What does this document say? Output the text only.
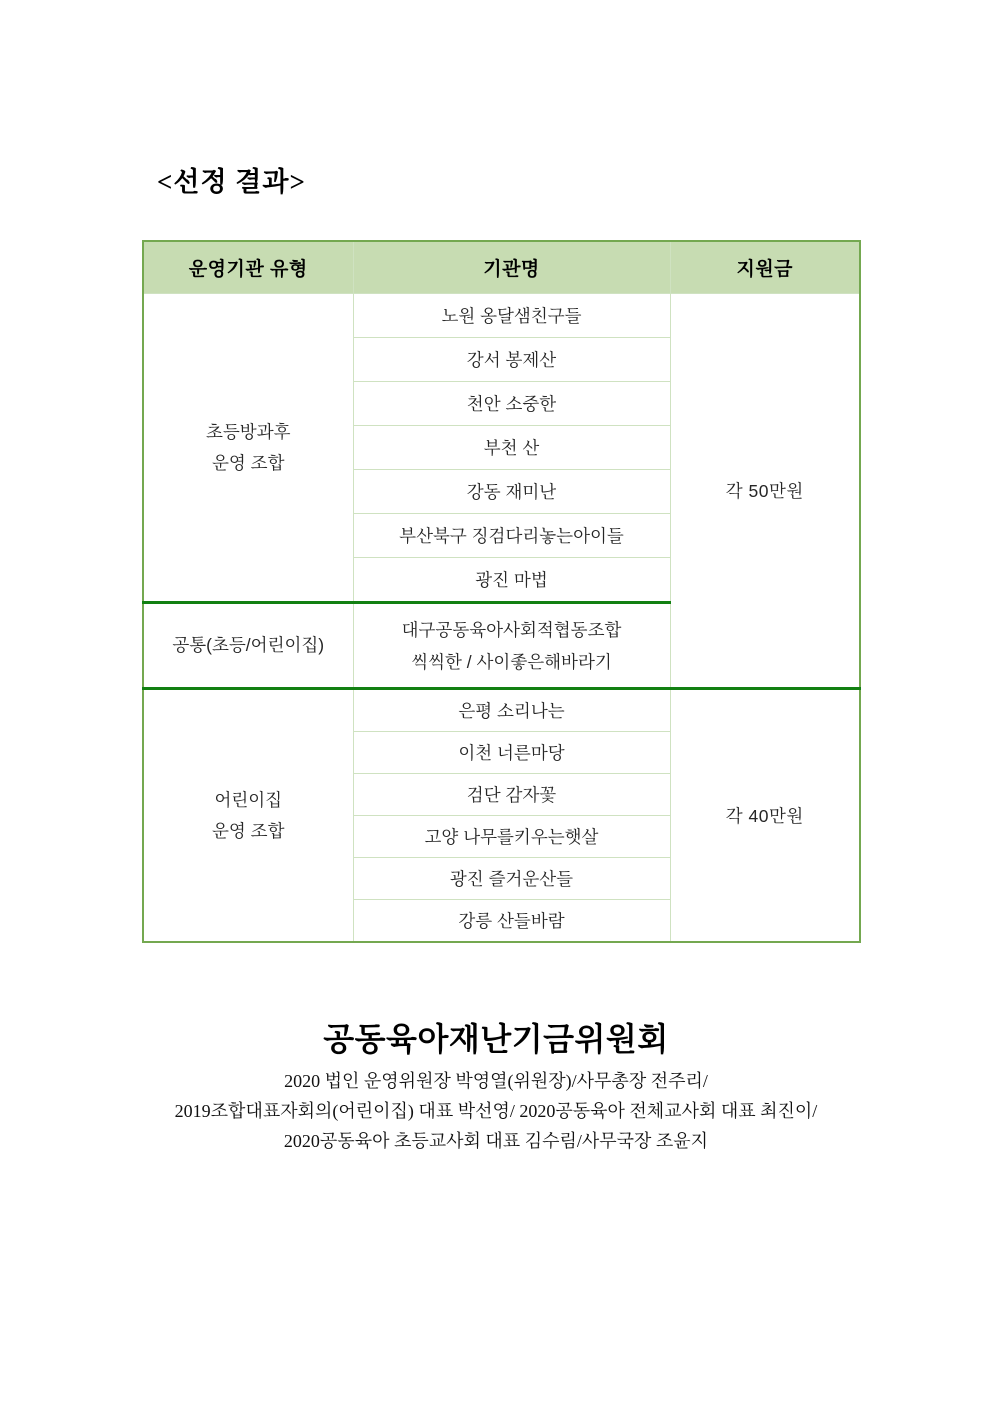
<선정 결과>
운영기관 유형	기관명	지원금

초등방과후
운영 조합	노원 옹달샘친구들	각 50만원
	강서 봉제산	
	천안 소중한	
	부천 산	
	강동 재미난	
	부산북구 징검다리놓는아이들	
	광진 마법	

공통(초등/어린이집)	대구공동육아사회적협동조합
씩씩한 / 사이좋은해바라기	

어린이집
운영 조합	은평 소리나는	각 40만원
	이천 너른마당	
	검단 감자꽃	
	고양 나무를키우는햇살	
	광진 즐거운산들	
	강릉 산들바람	
공동육아재난기금위원회
2020 법인 운영위원장 박영열(위원장)/사무총장 전주리/
2019조합대표자회의(어린이집) 대표 박선영/ 2020공동육아 전체교사회 대표 최진이/
2020공동육아 초등교사회 대표 김수림/사무국장 조윤지
